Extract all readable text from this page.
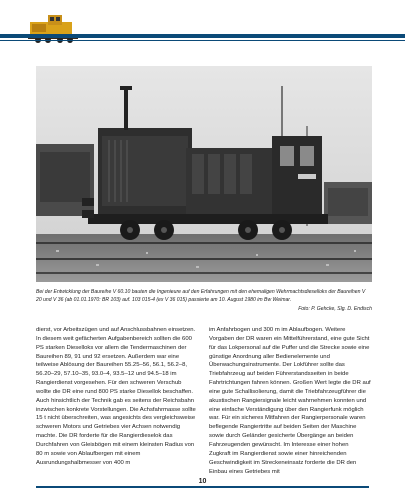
Bei der Entwicklung der Baureihe V 60.10 bauten die Ingenieure auf den Erfahrungen mit den ehemaligen Wehrmachtsdieselloks der Baureihen V 20 und V 36 (ab 01.01.1970: BR 103) auf. 103 015-4 (ex V 36 015) passierte am 10. August 1980 im Bw Weimar.
Foto: P. Gehcke, Slg. D. Endisch

dierst, vor Arbeitszügen und auf Anschlussbahnen einsetzen. In diesem weit gefächerten Aufgabenbereich sollten die 600 PS starken Dieselloks vor allem die Tendermaschinen der Baureihen 89, 91 und 92 ersetzen. Außerdem war eine teilweise Ablösung der Baureihen 55.25–56, 56.1, 56.2–8, 56.20–29, 57.10–35, 93.0–4, 93.5–12 und 94.5–18 im Rangierdienst vorgesehen. Für den schweren Verschub wollte die DR eine rund 800 PS starke Diesellok beschaffen.

Auch hinsichtlich der Technik gab es seitens der Reichsbahn inzwischen konkrete Vorstellungen. Die Achsfahrmasse sollte 15 t nicht überschreiten, was angesichts des vergleichsweise schweren Motors und Getriebes vier Achsen notwendig machte. Die DR forderte für die Rangierdieselok das Durchfahren von Gleisbögen mit einem kleinsten Radius von 80 m sowie von Ablaufbergen mit einem Ausrundungshalbmesser von 400 m

im Anfahrbogen und 300 m im Ablaufbogen. Weitere Vorgaben der DR waren ein Mittelführerstand, eine gute Sicht für das Lokpersonal auf die Puffer und die Strecke sowie eine günstige Anordnung aller Bedienelemente und Überwachungsinstrumente. Der Lokführer sollte das Triebfahrzeug auf beiden Führerstandsseiten in beide Fahrtrichtungen fahren können. Großen Wert legte die DR auf eine gute Schallisolierung, damit die Triebfahrzeugführer die akustischen Rangiersignale leicht wahrnehmen konnten und eine einfache Verständigung über den Rangierfunk möglich war. Für ein sicheres Mitfahren der Rangierpersonale waren beflegende Rangiertritte auf beiden Seiten der Maschine sowie durch Geländer gesicherte Übergänge an beiden Fahrzeugenden gewünscht. Im Interesse einer hohen Zugkraft im Rangierdienst sowie einer hinreichenden Geschwindigkeit im Streckeneinsatz forderte die DR den Einbau eines Getriebes mit

10
